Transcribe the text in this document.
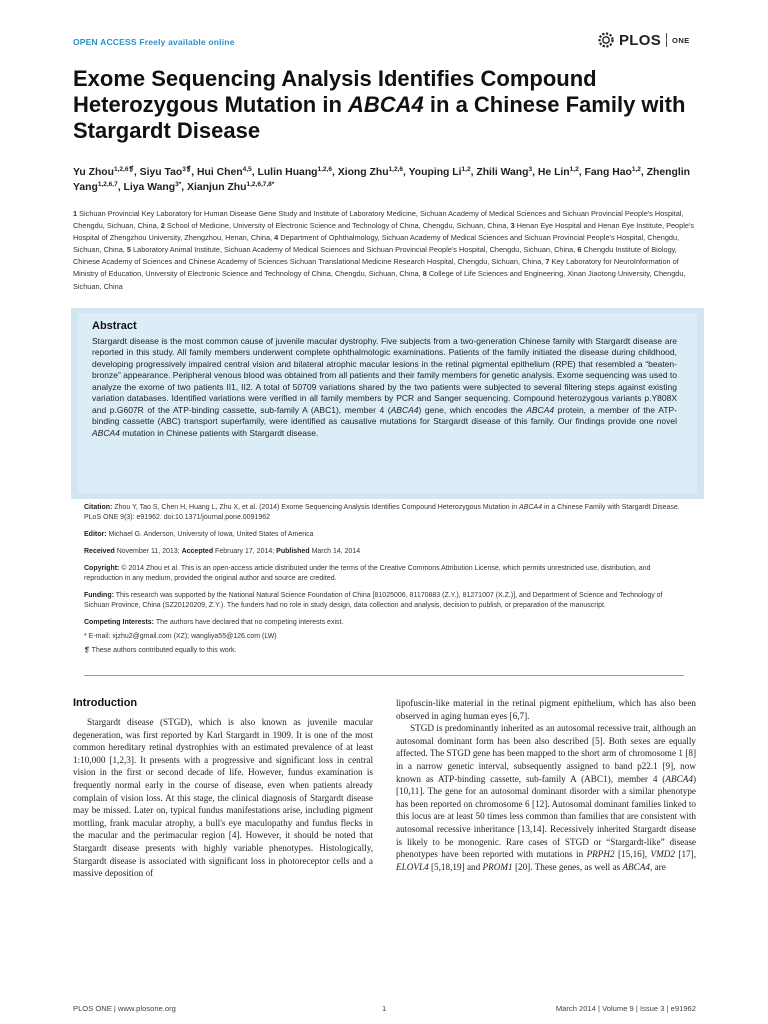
OPEN ACCESS Freely available online	PLOS ONE
Exome Sequencing Analysis Identifies Compound Heterozygous Mutation in ABCA4 in a Chinese Family with Stargardt Disease
Yu Zhou$^{1,2,6❡}$, Siyu Tao$^{3❡}$, Hui Chen$^{4,5}$, Lulin Huang$^{1,2,6}$, Xiong Zhu$^{1,2,6}$, Youping Li$^{1,2}$, Zhili Wang$^3$, He Lin$^{1,2}$, Fang Hao$^{1,2}$, Zhenglin Yang$^{1,2,6,7}$, Liya Wang$^{3*}$, Xianjun Zhu$^{1,2,6,7,8*}$
1 Sichuan Provincial Key Laboratory for Human Disease Gene Study and Institute of Laboratory Medicine, Sichuan Academy of Medical Sciences and Sichuan Provincial People's Hospital, Chengdu, Sichuan, China, 2 School of Medicine, University of Electronic Science and Technology of China, Chengdu, Sichuan, China, 3 Henan Eye Hospital and Henan Eye Institute, People's Hospital of Zhengzhou University, Zhengzhou, Henan, China, 4 Department of Ophthalmology, Sichuan Academy of Medical Sciences and Sichuan Provincial People's Hospital, Chengdu, Sichuan, China, 5 Laboratory Animal Institute, Sichuan Academy of Medical Sciences and Sichuan Provincial People's Hospital, Chengdu, Sichuan, China, 6 Chengdu Institute of Biology, Chinese Academy of Sciences and Chinese Academy of Sciences Sichuan Translational Medicine Research Hospital, Chengdu, Sichuan, China, 7 Key Laboratory for NeuroInformation of Ministry of Education, University of Electronic Science and Technology of China, Chengdu, Sichuan, China, 8 College of Life Sciences and Engineering, Xinan Jiaotong University, Chengdu, Sichuan, China
Abstract
Stargardt disease is the most common cause of juvenile macular dystrophy. Five subjects from a two-generation Chinese family with Stargardt disease are reported in this study. All family members underwent complete ophthalmologic examinations. Patients of the family initiated the disease during childhood, developing progressively impaired central vision and bilateral atrophic macular lesions in the retinal pigmental epithelium (RPE) that resembled a “beaten-bronze” appearance. Peripheral venous blood was obtained from all patients and their family members for genetic analysis. Exome sequencing was used to analyze the exome of two patients II1, II2. A total of 50709 variations shared by the two patients were subjected to several filtering steps against existing variation databases. Identified variations were verified in all family members by PCR and Sanger sequencing. Compound heterozygous variants p.Y808X and p.G607R of the ATP-binding cassette, sub-family A (ABC1), member 4 (ABCA4) gene, which encodes the ABCA4 protein, a member of the ATP-binding cassette (ABC) transport superfamily, were identified as causative mutations for Stargardt disease of this family. Our findings provide one novel ABCA4 mutation in Chinese patients with Stargardt disease.

Citation: Zhou Y, Tao S, Chen H, Huang L, Zhu X, et al. (2014) Exome Sequencing Analysis Identifies Compound Heterozygous Mutation in ABCA4 in a Chinese Family with Stargardt Disease. PLoS ONE 9(3): e91962. doi:10.1371/journal.pone.0091962

Editor: Michael G. Anderson, University of Iowa, United States of America

Received November 11, 2013; Accepted February 17, 2014; Published March 14, 2014

Copyright: © 2014 Zhou et al. This is an open-access article distributed under the terms of the Creative Commons Attribution License, which permits unrestricted use, distribution, and reproduction in any medium, provided the original author and source are credited.

Funding: This research was supported by the National Natural Science Foundation of China [81025006, 81170883 (Z.Y.), 81271007 (X.Z.)], and Department of Science and Technology of Sichuan Province, China (SZ20120209, Z.Y.). The funders had no role in study design, data collection and analysis, decision to publish, or preparation of the manuscript.

Competing Interests: The authors have declared that no competing interests exist.

* E-mail: xjzhu2@gmail.com (XZ); wangliya55@126.com (LW)

❡ These authors contributed equally to this work.

Introduction

Stargardt disease (STGD), which is also known as juvenile macular degeneration, was first reported by Karl Stargardt in 1909. It is one of the most common hereditary retinal dystrophies with an estimated prevalence of at least 1:10,000 [1,2,3]. It presents with a progressive and significant loss in central vision in the first or second decade of life. However, fundus examination is frequently normal early in the course of disease, even when patients already complain of vision loss. At this stage, the clinical diagnosis of Stargardt disease may be missed. Later on, typical fundus manifestations arise, including pigment mottling, frank macular atrophy, a bull's eye maculopathy and fundus flecks in the macular and the perimacular region [4]. However, it should be noted that Stargardt disease presents with highly variable phenotypes. Histologically, Stargardt disease is associated with significant loss in photoreceptor cells and a massive deposition of

lipofuscin-like material in the retinal pigment epithelium, which has also been observed in aging human eyes [6,7].

STGD is predominantly inherited as an autosomal recessive trait, although an autosomal dominant form has been also described [5]. Both sexes are equally affected. The STGD gene has been mapped to the short arm of chromosome 1 [8] in a narrow genetic interval, subsequently assigned to band p22.1 [9], now known as ATP-binding cassette, sub-family A (ABC1), member 4 (ABCA4) [10,11]. The gene for an autosomal dominant disorder with a similar phenotype has been reported on chromosome 6 [12]. Autosomal dominant families linked to this locus are at least 50 times less common than families that are consistent with autosomal recessive inheritance [13,14]. Recessively inherited Stargardt disease is likely to be monogenic. Rare cases of STGD or “Stargardt-like” disease phenotypes have been reported with mutations in PRPH2 [15,16], VMD2 [17], ELOVL4 [5,18,19] and PROM1 [20]. These genes, as well as ABCA4, are

PLOS ONE | www.plosone.org	1	March 2014 | Volume 9 | Issue 3 | e91962
